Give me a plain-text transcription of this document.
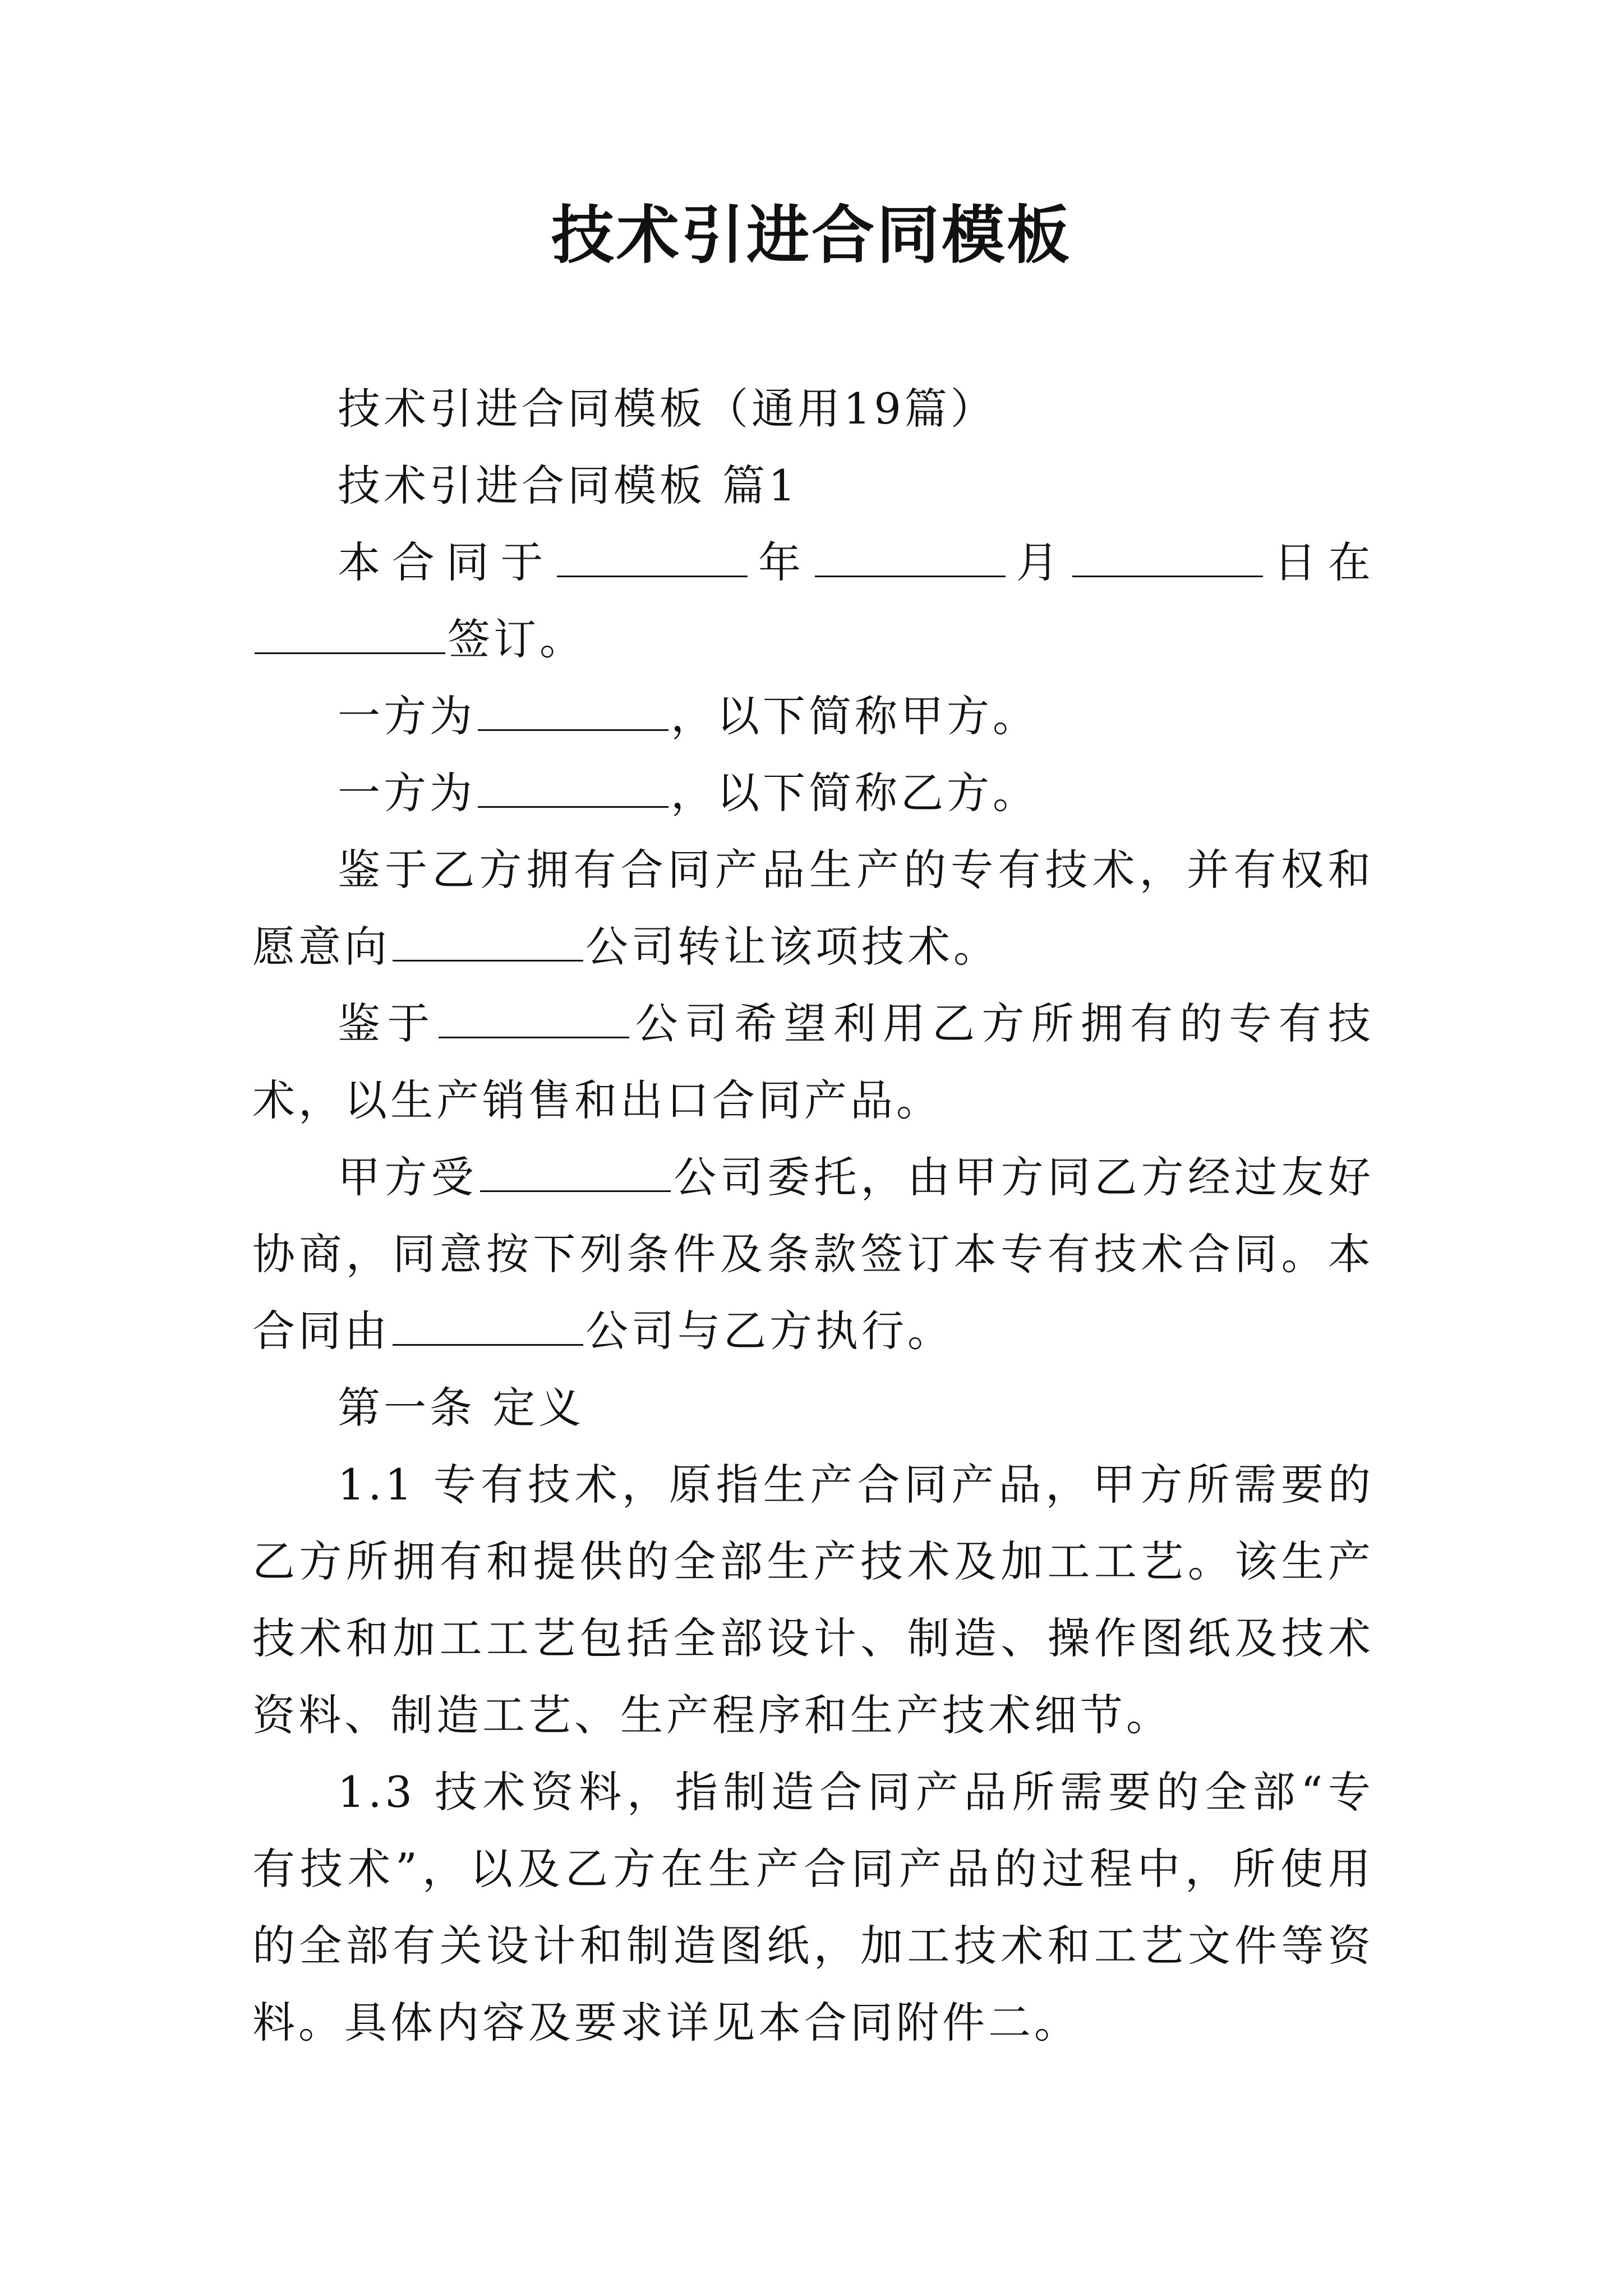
技术引进合同模板

技术引进合同模板（通用19篇）

技术引进合同模板 篇1

本合同于	年	月	日在签订。

一方为	，以下简称甲方。

一方为	，以下简称乙方。

鉴于乙方拥有合同产品生产的专有技术，并有权和愿意向	公司转让该项技术。

鉴于	公司希望利用乙方所拥有的专有技术，以生产销售和出口合同产品。

甲方受	公司委托，由甲方同乙方经过友好协商，同意按下列条件及条款签订本专有技术合同。本合同由	公司与乙方执行。

第一条 定义

1.1 专有技术，原指生产合同产品，甲方所需要的乙方所拥有和提供的全部生产技术及加工工艺。该生产技术和加工工艺包括全部设计、制造、操作图纸及技术资料、制造工艺、生产程序和生产技术细节。

1.3 技术资料，指制造合同产品所需要的全部“专有技术”，以及乙方在生产合同产品的过程中，所使用的全部有关设计和制造图纸，加工技术和工艺文件等资料。具体内容及要求详见本合同附件二。
